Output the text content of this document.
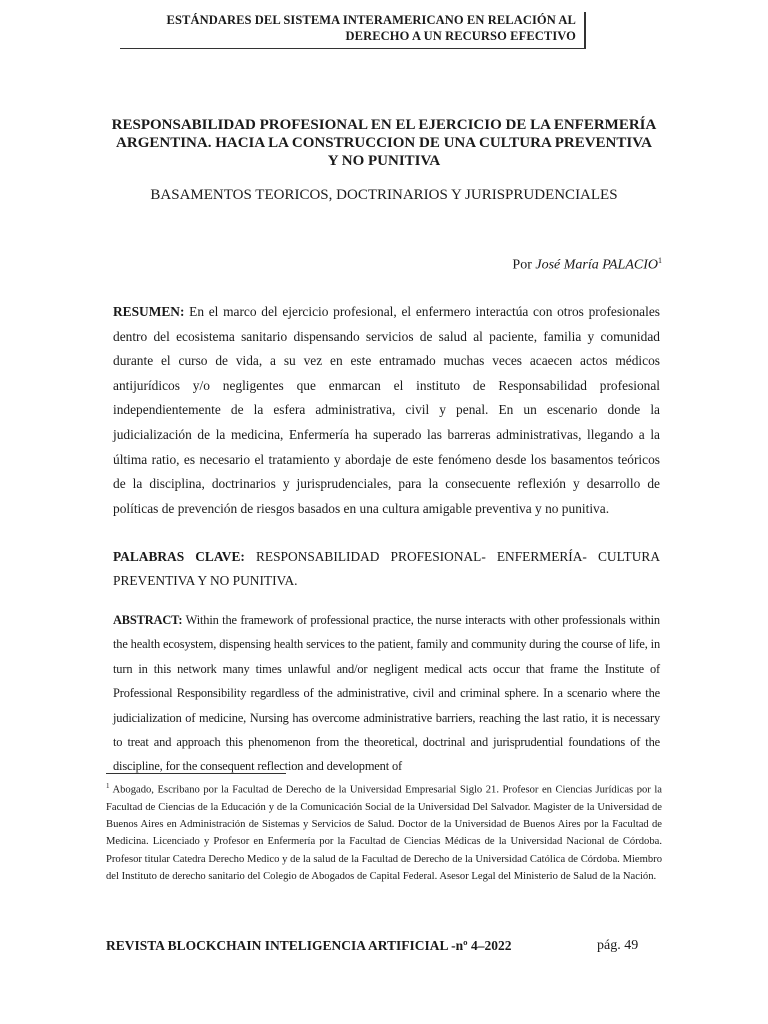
ESTÁNDARES DEL SISTEMA INTERAMERICANO EN RELACIÓN AL
DERECHO A UN RECURSO EFECTIVO
RESPONSABILIDAD PROFESIONAL EN EL EJERCICIO DE LA ENFERMERÍA
ARGENTINA. HACIA LA CONSTRUCCION DE UNA CULTURA PREVENTIVA
Y NO PUNITIVA
BASAMENTOS TEORICOS, DOCTRINARIOS Y JURISPRUDENCIALES
Por José María PALACIO$^1$

RESUMEN: En el marco del ejercicio profesional, el enfermero interactúa con otros profesionales dentro del ecosistema sanitario dispensando servicios de salud al paciente, familia y comunidad durante el curso de vida, a su vez en este entramado muchas veces acaecen actos médicos antijurídicos y/o negligentes que enmarcan el instituto de Responsabilidad profesional independientemente de la esfera administrativa, civil y penal. En un escenario donde la judicialización de la medicina, Enfermería ha superado las barreras administrativas, llegando a la última ratio, es necesario el tratamiento y abordaje de este fenómeno desde los basamentos teóricos de la disciplina, doctrinarios y jurisprudenciales, para la consecuente reflexión y desarrollo de políticas de prevención de riesgos basados en una cultura amigable preventiva y no punitiva.

PALABRAS CLAVE: RESPONSABILIDAD PROFESIONAL- ENFERMERÍA- CULTURA PREVENTIVA Y NO PUNITIVA.

ABSTRACT: Within the framework of professional practice, the nurse interacts with other professionals within the health ecosystem, dispensing health services to the patient, family and community during the course of life, in turn in this network many times unlawful and/or negligent medical acts occur that frame the Institute of Professional Responsibility regardless of the administrative, civil and criminal sphere. In a scenario where the judicialization of medicine, Nursing has overcome administrative barriers, reaching the last ratio, it is necessary to treat and approach this phenomenon from the theoretical, doctrinal and jurisprudential foundations of the discipline, for the consequent reflection and development of

$^1$ Abogado, Escribano por la Facultad de Derecho de la Universidad Empresarial Siglo 21. Profesor en Ciencias Jurídicas por la Facultad de Ciencias de la Educación y de la Comunicación Social de la Universidad Del Salvador. Magister de la Universidad de Buenos Aires en Administración de Sistemas y Servicios de Salud. Doctor de la Universidad de Buenos Aires por la Facultad de Medicina. Licenciado y Profesor en Enfermería por la Facultad de Ciencias Médicas de la Universidad Nacional de Córdoba. Profesor titular Catedra Derecho Medico y de la salud de la Facultad de Derecho de la Universidad Católica de Córdoba. Miembro del Instituto de derecho sanitario del Colegio de Abogados de Capital Federal. Asesor Legal del Ministerio de Salud de la Nación.

REVISTA BLOCKCHAIN INTELIGENCIA ARTIFICIAL -nº 4–2022	pág. 49
